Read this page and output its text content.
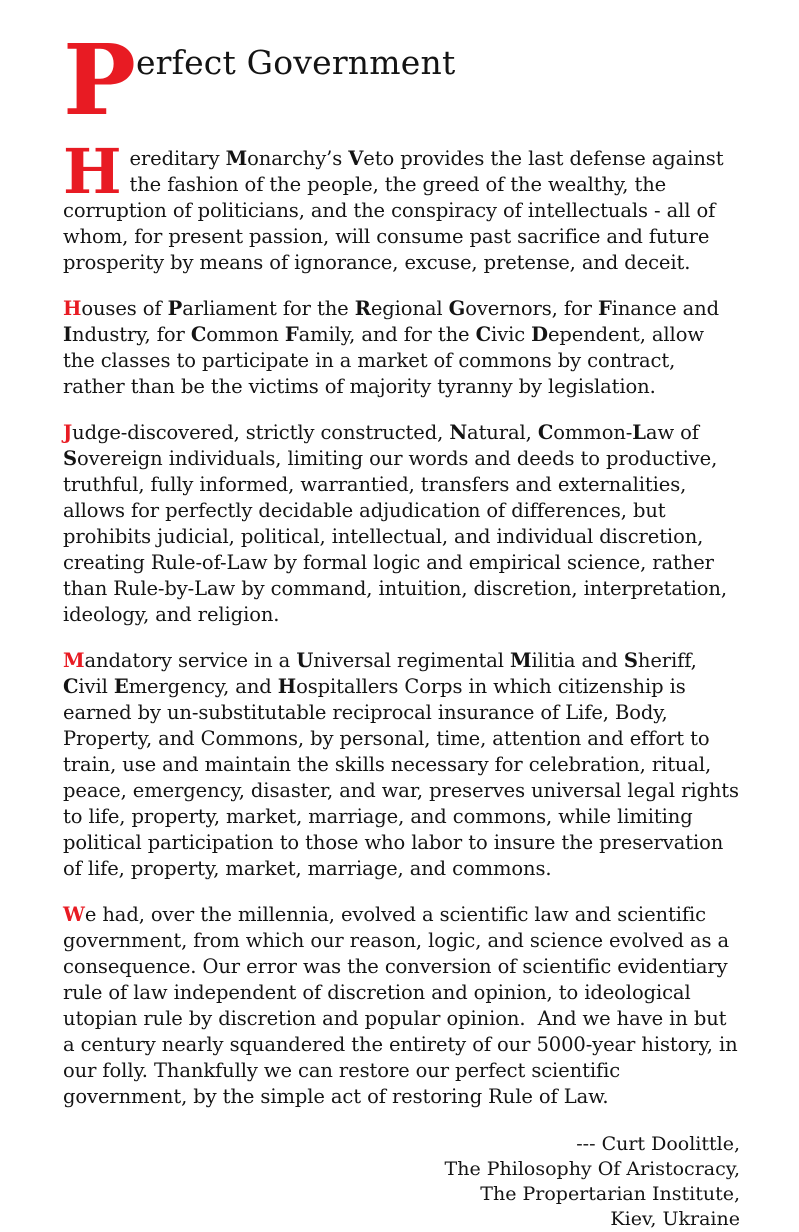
P erfect Government

Hereditary Monarchy’s Veto provides the last defense against the fashion of the people, the greed of the wealthy, the corruption of politicians, and the conspiracy of intellectuals - all of whom, for present passion, will consume past sacrifice and future prosperity by means of ignorance, excuse, pretense, and deceit.

Houses of Parliament for the Regional Governors, for Finance and Industry, for Common Family, and for the Civic Dependent, allow the classes to participate in a market of commons by contract, rather than be the victims of majority tyranny by legislation.

Judge-discovered, strictly constructed, Natural, Common-Law of Sovereign individuals, limiting our words and deeds to productive, truthful, fully informed, warrantied, transfers and externalities, allows for perfectly decidable adjudication of differences, but prohibits judicial, political, intellectual, and individual discretion, creating Rule-of-Law by formal logic and empirical science, rather than Rule-by-Law by command, intuition, discretion, interpretation, ideology, and religion.

Mandatory service in a Universal regimental Militia and Sheriff, Civil Emergency, and Hospitallers Corps in which citizenship is earned by un-substitutable reciprocal insurance of Life, Body, Property, and Commons, by personal, time, attention and effort to train, use and maintain the skills necessary for celebration, ritual, peace, emergency, disaster, and war, preserves universal legal rights to life, property, market, marriage, and commons, while limiting political participation to those who labor to insure the preservation of life, property, market, marriage, and commons.

We had, over the millennia, evolved a scientific law and scientific government, from which our reason, logic, and science evolved as a consequence. Our error was the conversion of scientific evidentiary rule of law independent of discretion and opinion, to ideological utopian rule by discretion and popular opinion.  And we have in but a century nearly squandered the entirety of our 5000-year history, in our folly. Thankfully we can restore our perfect scientific government, by the simple act of restoring Rule of Law.

--- Curt Doolittle,
The Philosophy Of Aristocracy,
The Propertarian Institute,
Kiev, Ukraine
